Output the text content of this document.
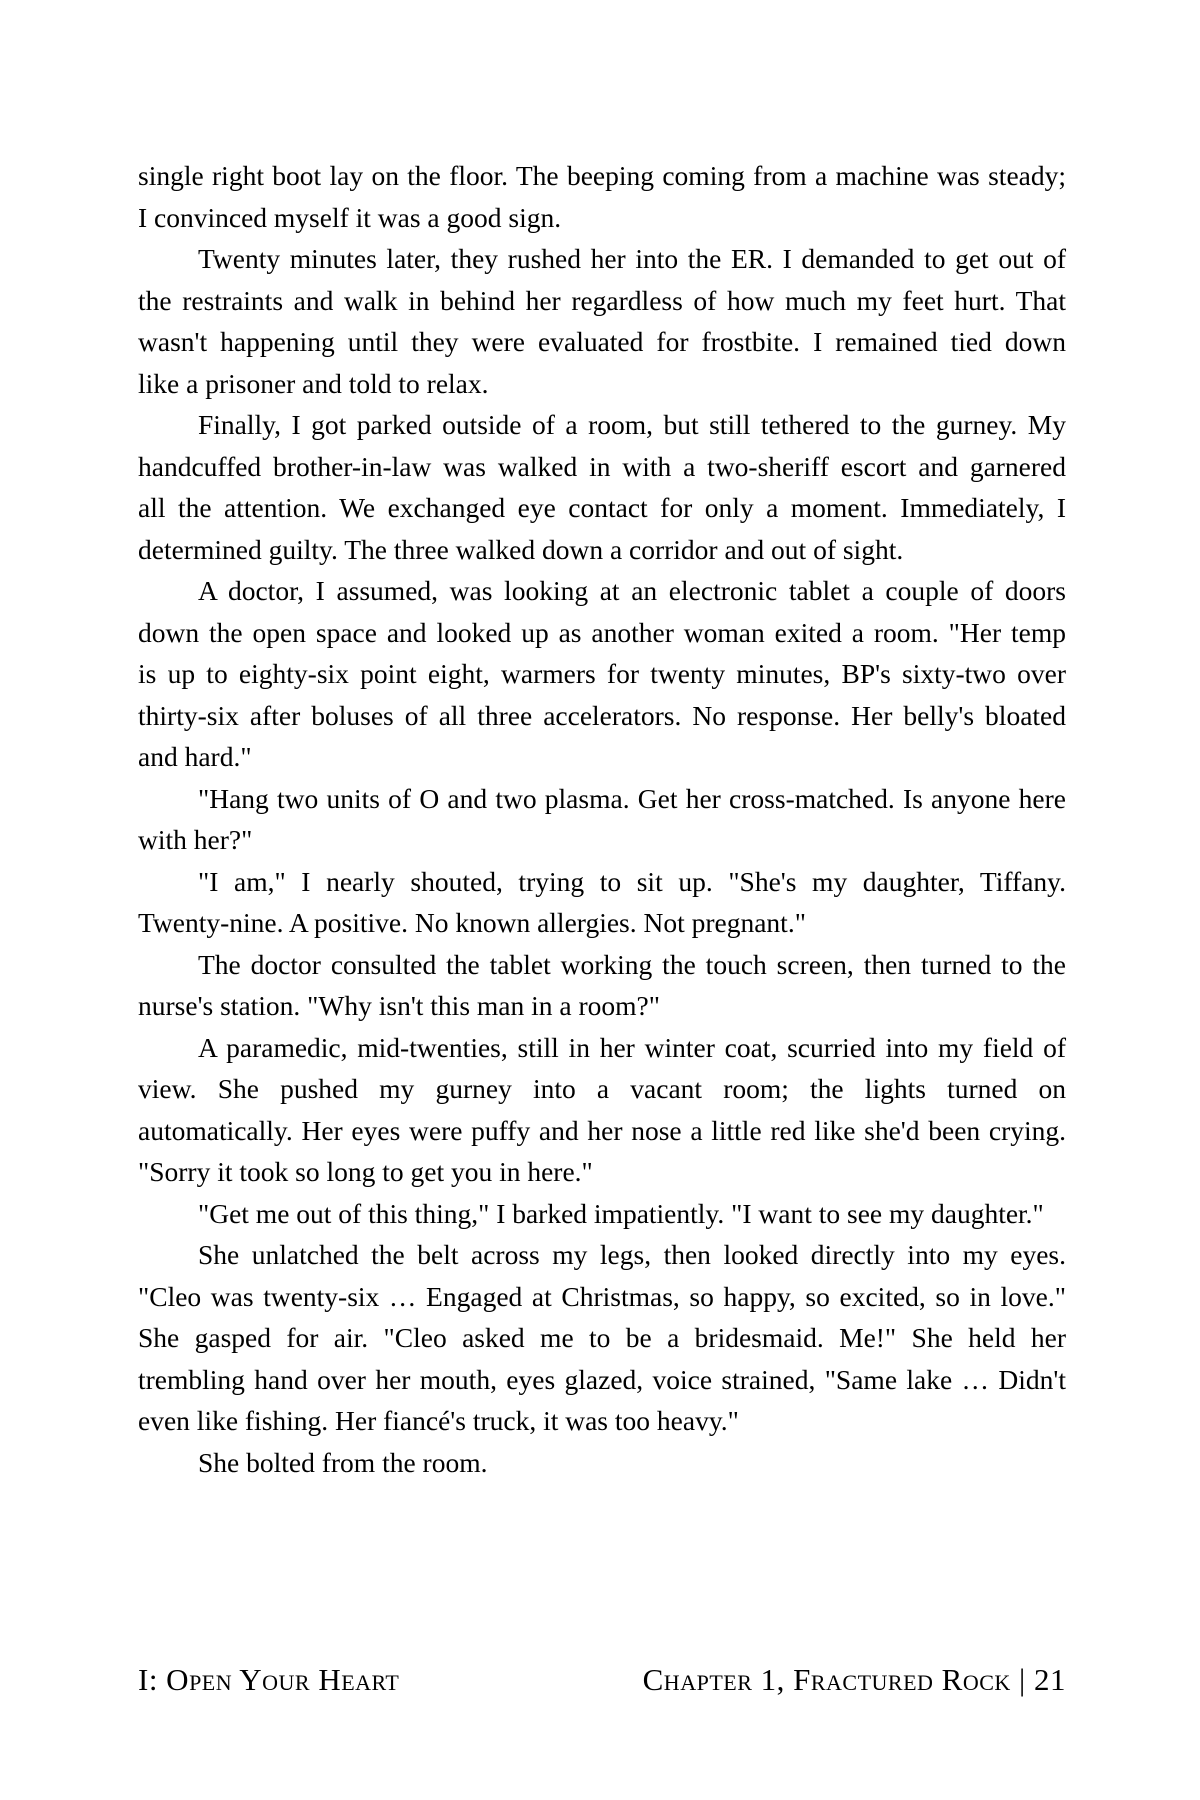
single right boot lay on the floor. The beeping coming from a machine was steady;
I convinced myself it was a good sign.
Twenty minutes later, they rushed her into the ER. I demanded to get out of
the restraints and walk in behind her regardless of how much my feet hurt. That
wasn't happening until they were evaluated for frostbite. I remained tied down
like a prisoner and told to relax.
Finally, I got parked outside of a room, but still tethered to the gurney. My
handcuffed brother-in-law was walked in with a two-sheriff escort and garnered
all the attention. We exchanged eye contact for only a moment. Immediately, I
determined guilty. The three walked down a corridor and out of sight.
A doctor, I assumed, was looking at an electronic tablet a couple of doors
down the open space and looked up as another woman exited a room. "Her temp
is up to eighty-six point eight, warmers for twenty minutes, BP's sixty-two over
thirty-six after boluses of all three accelerators. No response. Her belly's bloated
and hard."
"Hang two units of O and two plasma. Get her cross-matched. Is anyone here
with her?"
"I am," I nearly shouted, trying to sit up. "She's my daughter, Tiffany.
Twenty-nine. A positive. No known allergies. Not pregnant."
The doctor consulted the tablet working the touch screen, then turned to the
nurse's station. "Why isn't this man in a room?"
A paramedic, mid-twenties, still in her winter coat, scurried into my field of
view. She pushed my gurney into a vacant room; the lights turned on
automatically. Her eyes were puffy and her nose a little red like she'd been crying.
"Sorry it took so long to get you in here."
"Get me out of this thing," I barked impatiently. "I want to see my daughter."
She unlatched the belt across my legs, then looked directly into my eyes.
"Cleo was twenty-six … Engaged at Christmas, so happy, so excited, so in love."
She gasped for air. "Cleo asked me to be a bridesmaid. Me!" She held her
trembling hand over her mouth, eyes glazed, voice strained, "Same lake … Didn't
even like fishing. Her fiancé's truck, it was too heavy."
She bolted from the room.
I: Open Your Heart	Chapter 1, Fractured Rock | 21
